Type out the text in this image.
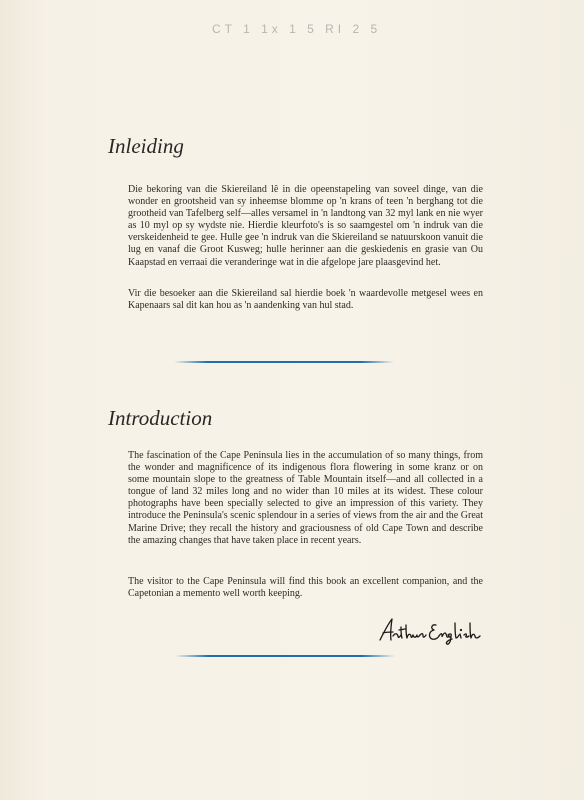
CT 1 1x 1 5 RI 2 5
Inleiding

Die bekoring van die Skiereiland lê in die opeenstapeling van soveel dinge, van die wonder en grootsheid van sy inheemse blomme op 'n krans of teen 'n berghang tot die grootheid van Tafelberg self—alles versamel in 'n landtong van 32 myl lank en nie wyer as 10 myl op sy wydste nie. Hierdie kleurfoto's is so saamgestel om 'n indruk van die verskeidenheid te gee. Hulle gee 'n indruk van die Skiereiland se natuurskoon vanuit die lug en vanaf die Groot Kusweg; hulle herinner aan die geskiedenis en grasie van Ou Kaapstad en verraai die veranderinge wat in die afgelope jare plaasgevind het.

Vir die besoeker aan die Skiereiland sal hierdie boek 'n waardevolle metgesel wees en Kapenaars sal dit kan hou as 'n aandenking van hul stad.

Introduction

The fascination of the Cape Peninsula lies in the accumulation of so many things, from the wonder and magnificence of its indigenous flora flowering in some kranz or on some mountain slope to the greatness of Table Mountain itself—and all collected in a tongue of land 32 miles long and no wider than 10 miles at its widest. These colour photographs have been specially selected to give an impression of this variety. They introduce the Peninsula's scenic splendour in a series of views from the air and the Great Marine Drive; they recall the history and graciousness of old Cape Town and describe the amazing changes that have taken place in recent years.

The visitor to the Cape Peninsula will find this book an excellent companion, and the Capetonian a memento well worth keeping.
